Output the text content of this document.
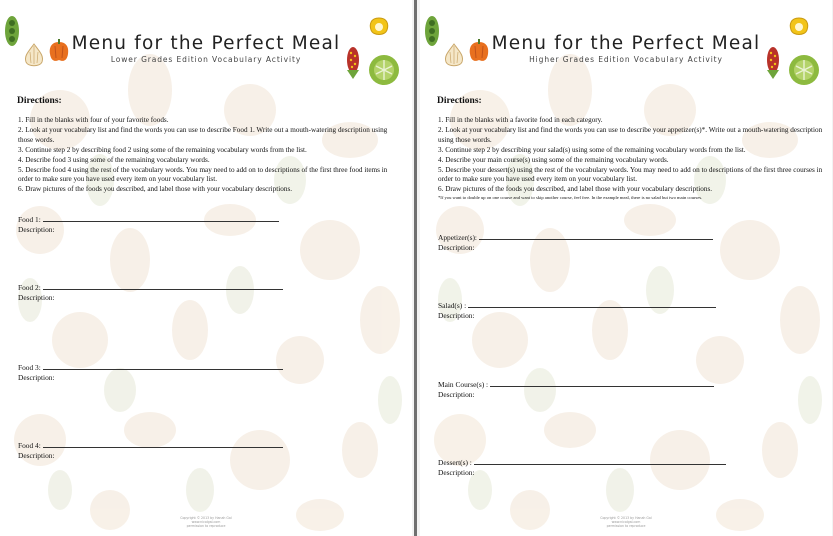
Menu for the Perfect Meal
Lower Grades Edition Vocabulary Activity
Directions:

1. Fill in the blanks with four of your favorite foods.

2. Look at your vocabulary list and find the words you can use to describe Food 1. Write out a mouth-watering description using those words.

3. Continue step 2 by describing food 2 using some of the remaining vocabulary words from the list.

4. Describe food 3 using some of the remaining vocabulary words.

5. Describe food 4 using the rest of the vocabulary words. You may need to add on to descriptions of the first three food items in order to make sure you have used every item on your vocabulary list.

6. Draw pictures of the foods you described, and label those with your vocabulary descriptions.

Food 1:
Description:
Food 2:
Description:
Food 3:
Description:
Food 4:
Description:
Copyright © 2013 by Hanah Gal
www.nicolgal.com
permission to reproduce
Menu for the Perfect Meal
Higher Grades Edition Vocabulary Activity
Directions:

1. Fill in the blanks with a favorite food in each category.

2. Look at your vocabulary list and find the words you can use to describe your appetizer(s)*. Write out a mouth-watering description using those words.

3. Continue step 2 by describing your salad(s) using some of the remaining vocabulary words from the list.

4. Describe your main course(s) using some of the remaining vocabulary words.

5. Describe your dessert(s) using the rest of the vocabulary words. You may need to add on to descriptions of the first three courses in order to make sure you have used every item on your vocabulary list.

6. Draw pictures of the foods you described, and label those with your vocabulary descriptions.

*If you want to double up on one course and want to skip another course, feel free. In the example meal, there is no salad but two main courses.

Appetizer(s):
Description:
Salad(s) :
Description:
Main Course(s) :
Description:
Dessert(s) :
Description:
Copyright © 2013 by Hanah Gal
www.nicolgal.com
permission to reproduce
